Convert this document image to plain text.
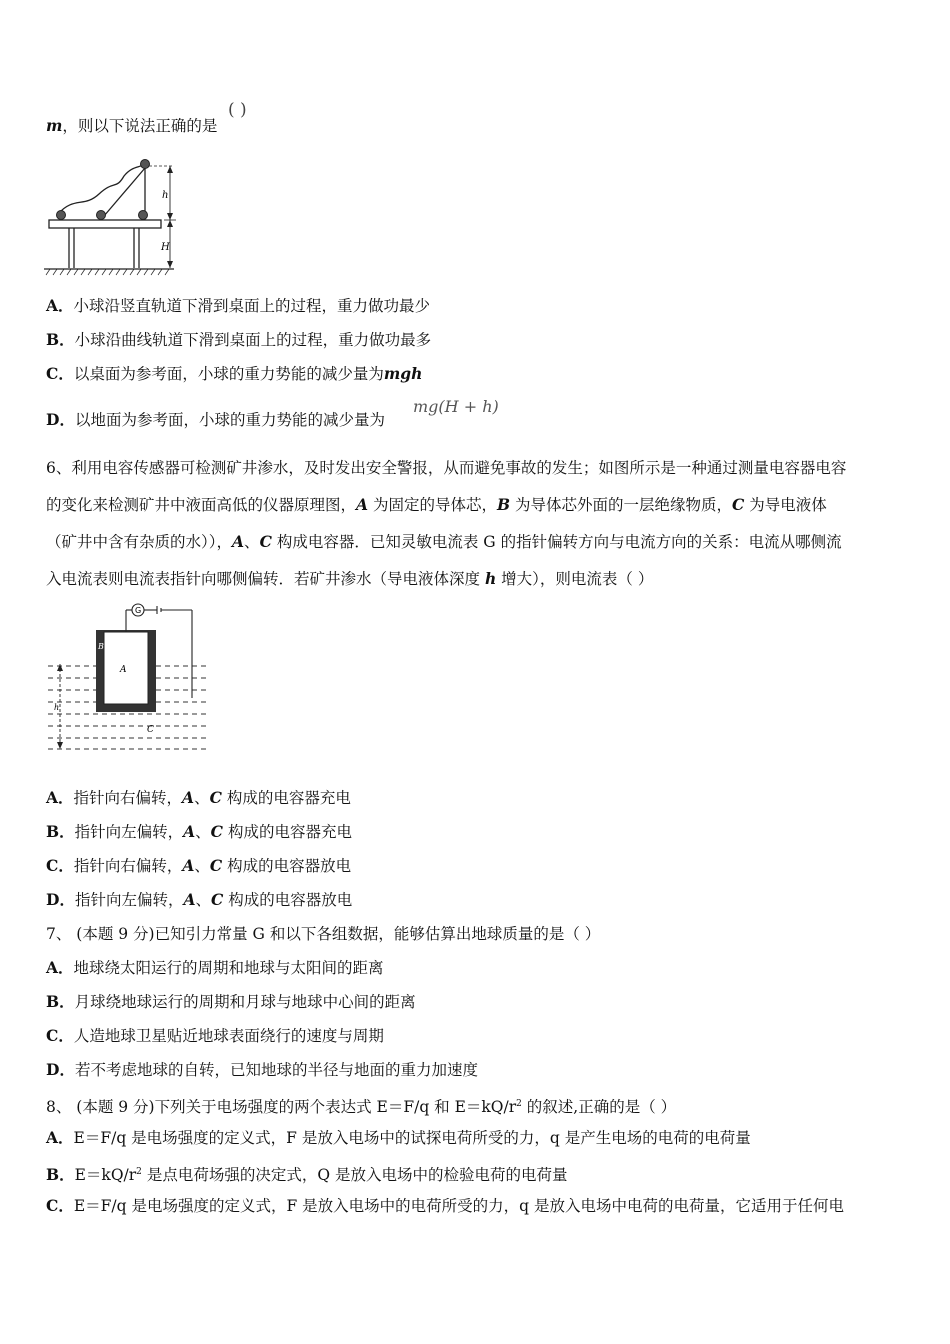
m，则以下说法正确的是
( )
h
H
A．小球沿竖直轨道下滑到桌面上的过程，重力做功最少
B．小球沿曲线轨道下滑到桌面上的过程，重力做功最多
C．以桌面为参考面，小球的重力势能的减少量为mgh
D．以地面为参考面，小球的重力势能的减少量为
mg(H + h)
6、利用电容传感器可检测矿井渗水，及时发出安全警报，从而避免事故的发生；如图所示是一种通过测量电容器电容
的变化来检测矿井中液面高低的仪器原理图，A 为固定的导体芯，B 为导体芯外面的一层绝缘物质，C 为导电液体
（矿井中含有杂质的水）），A、C 构成电容器．已知灵敏电流表 G 的指针偏转方向与电流方向的关系：电流从哪侧流
入电流表则电流表指针向哪侧偏转．若矿井渗水（导电液体深度 h 增大），则电流表（ ）
G
A
B
C
h
A．指针向右偏转，A、C 构成的电容器充电
B．指针向左偏转，A、C 构成的电容器充电
C．指针向右偏转，A、C 构成的电容器放电
D．指针向左偏转，A、C 构成的电容器放电
7、 (本题 9 分)已知引力常量 G 和以下各组数据，能够估算出地球质量的是（ ）
A．地球绕太阳运行的周期和地球与太阳间的距离
B．月球绕地球运行的周期和月球与地球中心间的距离
C．人造地球卫星贴近地球表面绕行的速度与周期
D．若不考虑地球的自转，已知地球的半径与地面的重力加速度
8、 (本题 9 分)下列关于电场强度的两个表达式 E＝F/q 和 $E=kQ/r^2$ 的叙述,正确的是（ ）
A．E＝F/q 是电场强度的定义式，F 是放入电场中的试探电荷所受的力，q 是产生电场的电荷的电荷量
B．$E=kQ/r^2$ 是点电荷场强的决定式，Q 是放入电场中的检验电荷的电荷量
C．E＝F/q 是电场强度的定义式，F 是放入电场中的电荷所受的力，q 是放入电场中电荷的电荷量，它适用于任何电
